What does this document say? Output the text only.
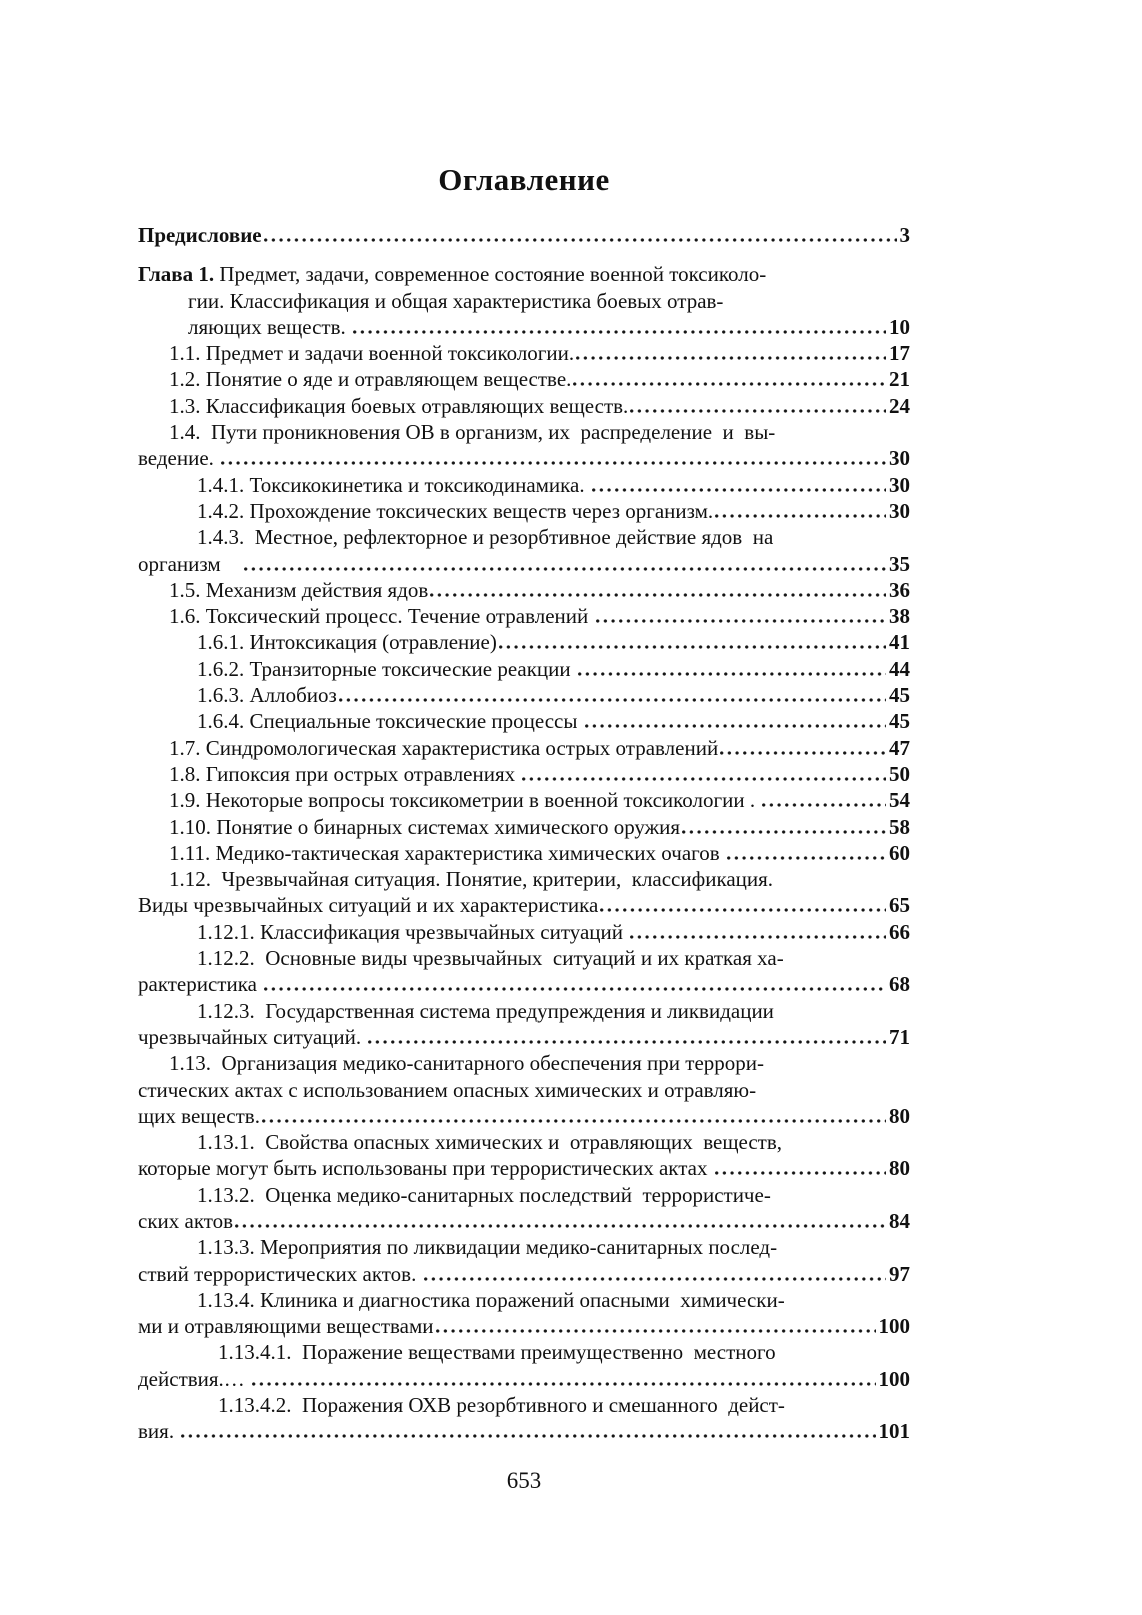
Оглавление
Предисловие	3
Глава 1. Предмет, задачи, современное состояние военной токсиколо-
гии. Классификация и общая характеристика боевых отрав-
ляющих веществ.	10
1.1. Предмет и задачи военной токсикологии.	17
1.2. Понятие о яде и отравляющем веществе.	21
1.3. Классификация боевых отравляющих веществ.	24
1.4.  Пути проникновения ОВ в организм, их  распределение  и  вы-
ведение.	30
1.4.1. Токсикокинетика и токсикодинамика.	30
1.4.2. Прохождение токсических веществ через организм.	30
1.4.3.  Местное, рефлекторное и резорбтивное действие ядов  на
организм	35
1.5. Механизм действия ядов	36
1.6. Токсический процесс. Течение отравлений	38
1.6.1. Интоксикация (отравление)	41
1.6.2. Транзиторные токсические реакции	44
1.6.3. Аллобиоз	45
1.6.4. Специальные токсические процессы	45
1.7. Синдромологическая характеристика острых отравлений	47
1.8. Гипоксия при острых отравлениях	50
1.9. Некоторые вопросы токсикометрии в военной токсикологии .	54
1.10. Понятие о бинарных системах химического оружия	58
1.11. Медико-тактическая характеристика химических очагов	60
1.12.  Чрезвычайная ситуация. Понятие, критерии,  классификация.
Виды чрезвычайных ситуаций и их характеристика	65
1.12.1. Классификация чрезвычайных ситуаций	66
1.12.2.  Основные виды чрезвычайных  ситуаций и их краткая ха-
рактеристика	68
1.12.3.  Государственная система предупреждения и ликвидации
чрезвычайных ситуаций.	71
1.13.  Организация медико-санитарного обеспечения при террори-
стических актах с использованием опасных химических и отравляю-
щих веществ.	80
1.13.1.  Свойства опасных химических и  отравляющих  веществ,
которые могут быть использованы при террористических актах	80
1.13.2.  Оценка медико-санитарных последствий  террористиче-
ских актов	84
1.13.3. Мероприятия по ликвидации медико-санитарных послед-
ствий террористических актов.	97
1.13.4. Клиника и диагностика поражений опасными  химически-
ми и отравляющими веществами	100
1.13.4.1.  Поражение веществами преимущественно  местного
действия.…	100
1.13.4.2.  Поражения ОХВ резорбтивного и смешанного  дейст-
вия.	101
653
